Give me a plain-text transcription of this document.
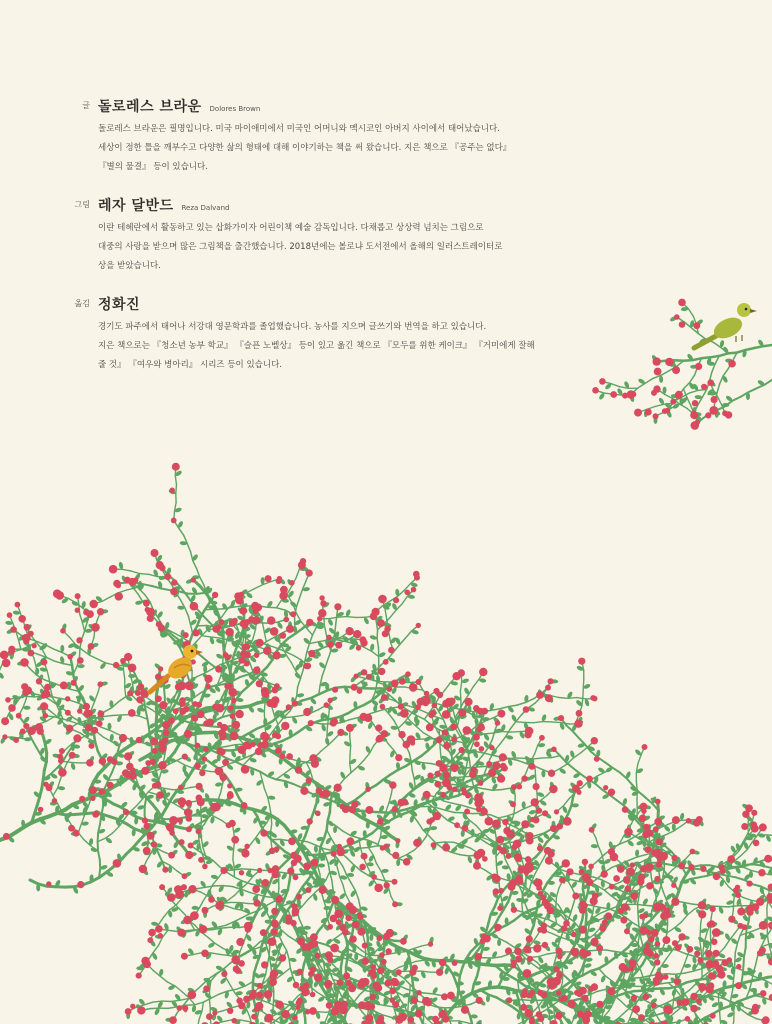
글 돌로레스 브라운 Dolores Brown

돌로레스 브라운은 필명입니다. 미국 마이애미에서 미국인 어머니와 멕시코인 아버지 사이에서 태어났습니다.

세상이 정한 틀을 깨부수고 다양한 삶의 형태에 대해 이야기하는 책을 써 왔습니다. 지은 책으로 『공주는 없다』

『별의 물결』 등이 있습니다.

그림 레자 달반드 Reza Dalvand

이란 테헤란에서 활동하고 있는 삽화가이자 어린이책 예술 감독입니다. 다채롭고 상상력 넘치는 그림으로

대중의 사랑을 받으며 많은 그림책을 출간했습니다. 2018년에는 볼로냐 도서전에서 올해의 일러스트레이터로

상을 받았습니다.

옮김 정화진

경기도 파주에서 태어나 서강대 영문학과를 졸업했습니다. 농사를 지으며 글쓰기와 번역을 하고 있습니다.

지은 책으로는 『청소년 농부 학교』 『슬픈 노벨상』 등이 있고 옮긴 책으로 『모두를 위한 케이크』 『거미에게 잘해

줄 것』 『여우와 병아리』 시리즈 등이 있습니다.
